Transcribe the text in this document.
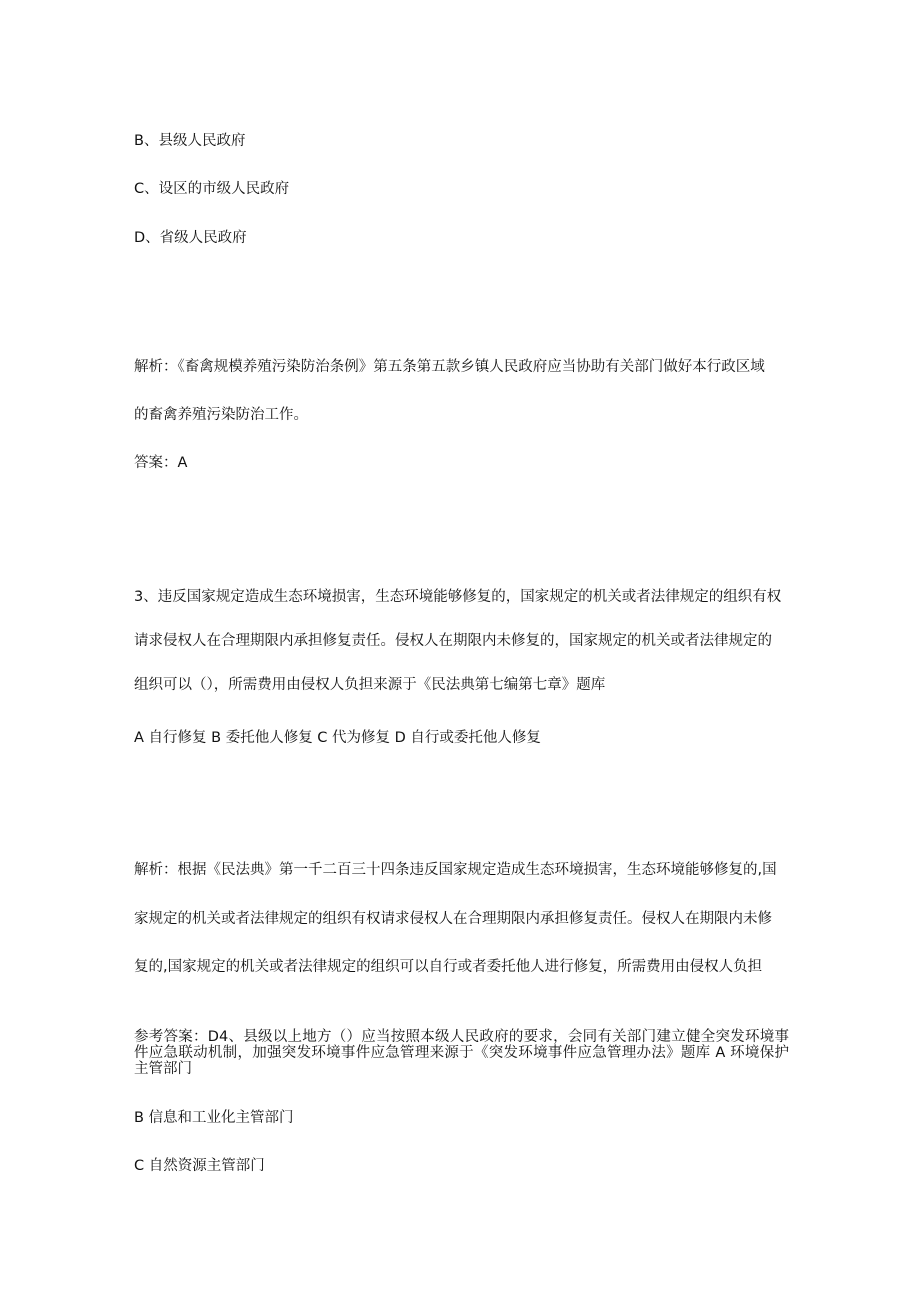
B、县级人民政府
C、设区的市级人民政府
D、省级人民政府
解析：《畜禽规模养殖污染防治条例》第五条第五款乡镇人民政府应当协助有关部门做好本行政区域
的畜禽养殖污染防治工作。
答案：A
3、违反国家规定造成生态环境损害，生态环境能够修复的，国家规定的机关或者法律规定的组织有权
请求侵权人在合理期限内承担修复责任。侵权人在期限内未修复的，国家规定的机关或者法律规定的
组织可以（），所需费用由侵权人负担来源于《民法典第七编第七章》题库
A 自行修复 B 委托他人修复 C 代为修复 D 自行或委托他人修复
解析：根据《民法典》第一千二百三十四条违反国家规定造成生态环境损害，生态环境能够修复的,国
家规定的机关或者法律规定的组织有权请求侵权人在合理期限内承担修复责任。侵权人在期限内未修
复的,国家规定的机关或者法律规定的组织可以自行或者委托他人进行修复，所需费用由侵权人负担
参考答案：D4、县级以上地方（）应当按照本级人民政府的要求，会同有关部门建立健全突发环境事件应急联动机制，加强突发环境事件应急管理来源于《突发环境事件应急管理办法》题库 A 环境保护主管部门
B 信息和工业化主管部门
C 自然资源主管部门
